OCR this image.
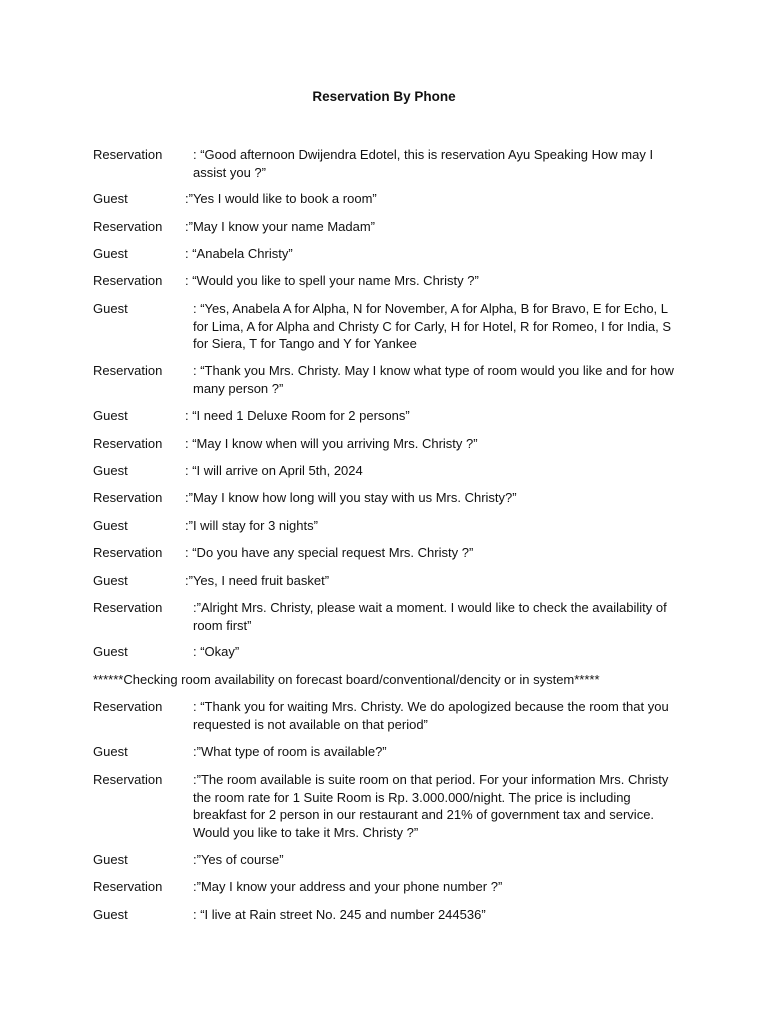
Reservation By Phone
Reservation : “Good afternoon Dwijendra Edotel, this is reservation Ayu Speaking How may I assist you ?”
Guest	:”Yes I would like to book a room”
Reservation :”May I know your name Madam”
Guest	: “Anabela Christy”
Reservation : “Would you like to spell your name Mrs. Christy ?”
Guest	: “Yes, Anabela A for Alpha, N for November, A for Alpha, B for Bravo, E for Echo, L for Lima, A for Alpha and Christy C for Carly, H for Hotel, R for Romeo, I for India, S for Siera, T for Tango and Y for Yankee
Reservation : “Thank you Mrs. Christy. May I know what type of room would you like and for how many person ?”
Guest	: “I need 1 Deluxe Room for 2 persons”
Reservation : “May I know when will you arriving Mrs. Christy ?”
Guest	: “I will arrive on April 5th, 2024
Reservation :”May I know how long will you stay with us Mrs. Christy?”
Guest	:”I will stay for 3 nights”
Reservation : “Do you have any special request Mrs. Christy ?”
Guest	:”Yes, I need fruit basket”
Reservation :”Alright Mrs. Christy, please wait a moment. I would like to check the availability of room first”
Guest	: “Okay”
******Checking room availability on forecast board/conventional/dencity or in system*****
Reservation : “Thank you for waiting Mrs. Christy. We do apologized because the room that you requested is not available on that period”
Guest	:”What type of room is available?”
Reservation :”The room available is suite room on that period. For your information Mrs. Christy the room rate for 1 Suite Room is Rp. 3.000.000/night. The price is including breakfast for 2 person in our restaurant and 21% of government tax and service. Would you like to take it Mrs. Christy ?”
Guest	:”Yes of course”
Reservation :”May I know your address and your phone number ?”
Guest	: “I live at Rain street No. 245 and number 244536”
